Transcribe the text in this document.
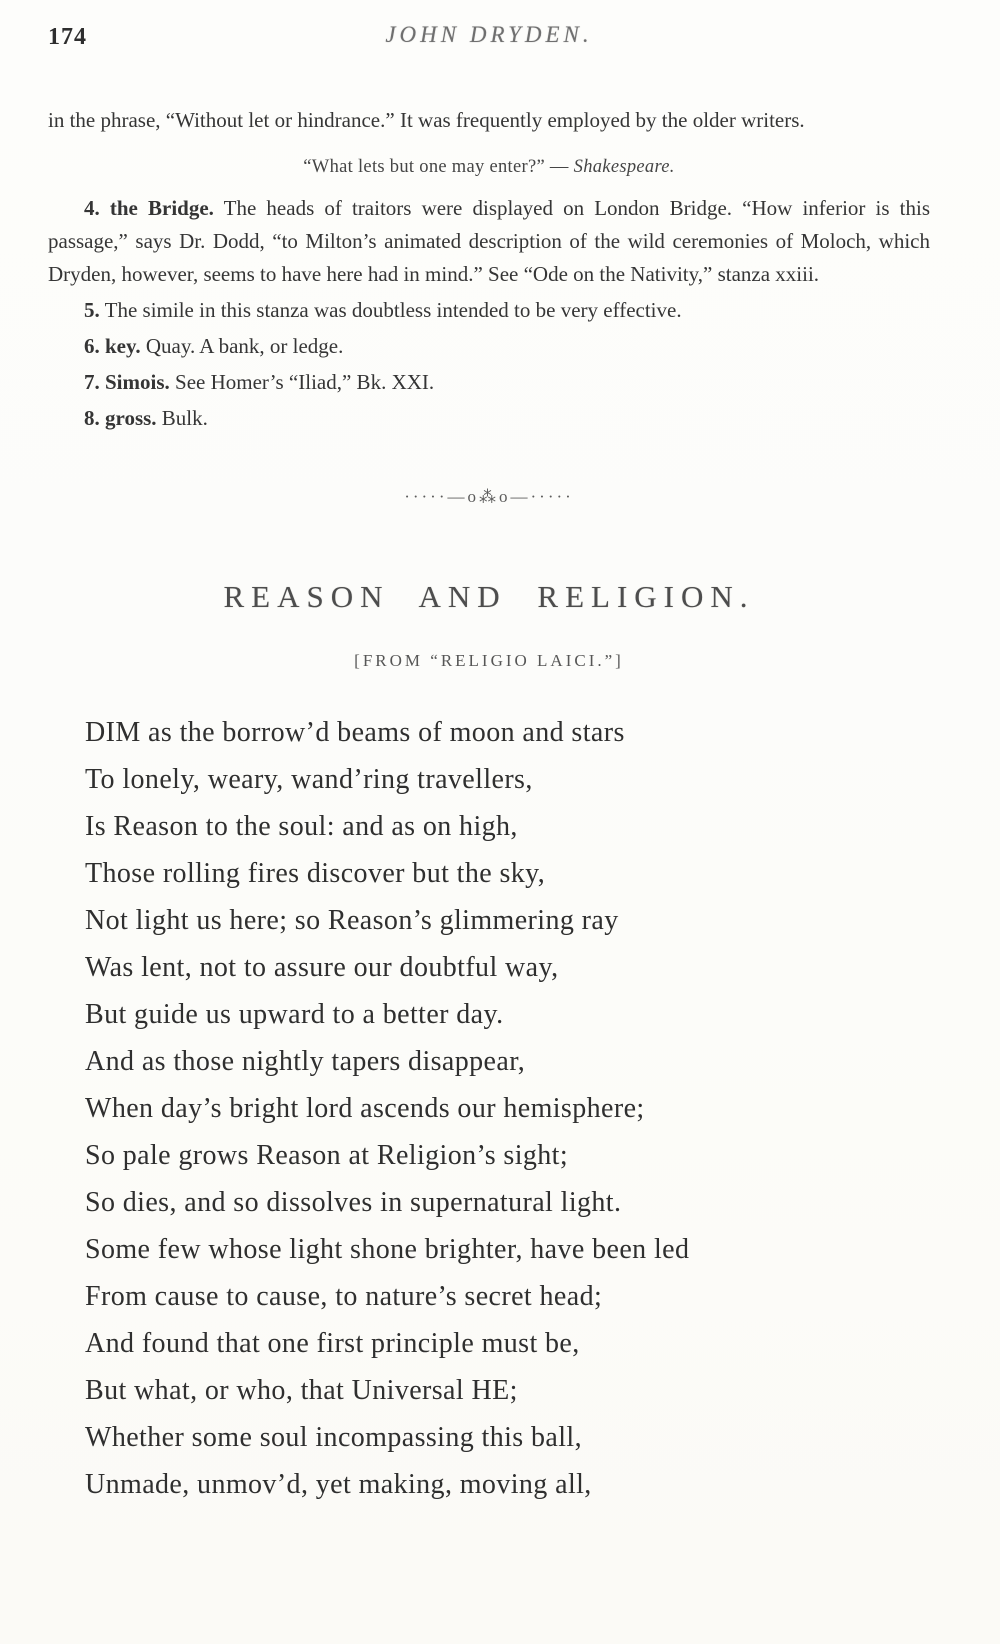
174	JOHN DRYDEN.

in the phrase, “Without let or hindrance.” It was frequently employed by the older writers.

“What lets but one may enter?” — Shakespeare.

4. the Bridge. The heads of traitors were displayed on London Bridge. “How inferior is this passage,” says Dr. Dodd, “to Milton’s animated description of the wild ceremonies of Moloch, which Dryden, however, seems to have here had in mind.” See “Ode on the Nativity,” stanza xxiii.

5. The simile in this stanza was doubtless intended to be very effective.

6. key. Quay. A bank, or ledge.

7. Simois. See Homer’s “Iliad,” Bk. XXI.

8. gross. Bulk.

·····—o⁂o—·····
REASON AND RELIGION.
[FROM “RELIGIO LAICI.”]
DIM as the borrow’d beams of moon and stars
To lonely, weary, wand’ring travellers,
Is Reason to the soul: and as on high,
Those rolling fires discover but the sky,
Not light us here; so Reason’s glimmering ray
Was lent, not to assure our doubtful way,
But guide us upward to a better day.
And as those nightly tapers disappear,
When day’s bright lord ascends our hemisphere;
So pale grows Reason at Religion’s sight;
So dies, and so dissolves in supernatural light.
Some few whose light shone brighter, have been led
From cause to cause, to nature’s secret head;
And found that one first principle must be,
But what, or who, that Universal HE;
Whether some soul incompassing this ball,
Unmade, unmov’d, yet making, moving all,
